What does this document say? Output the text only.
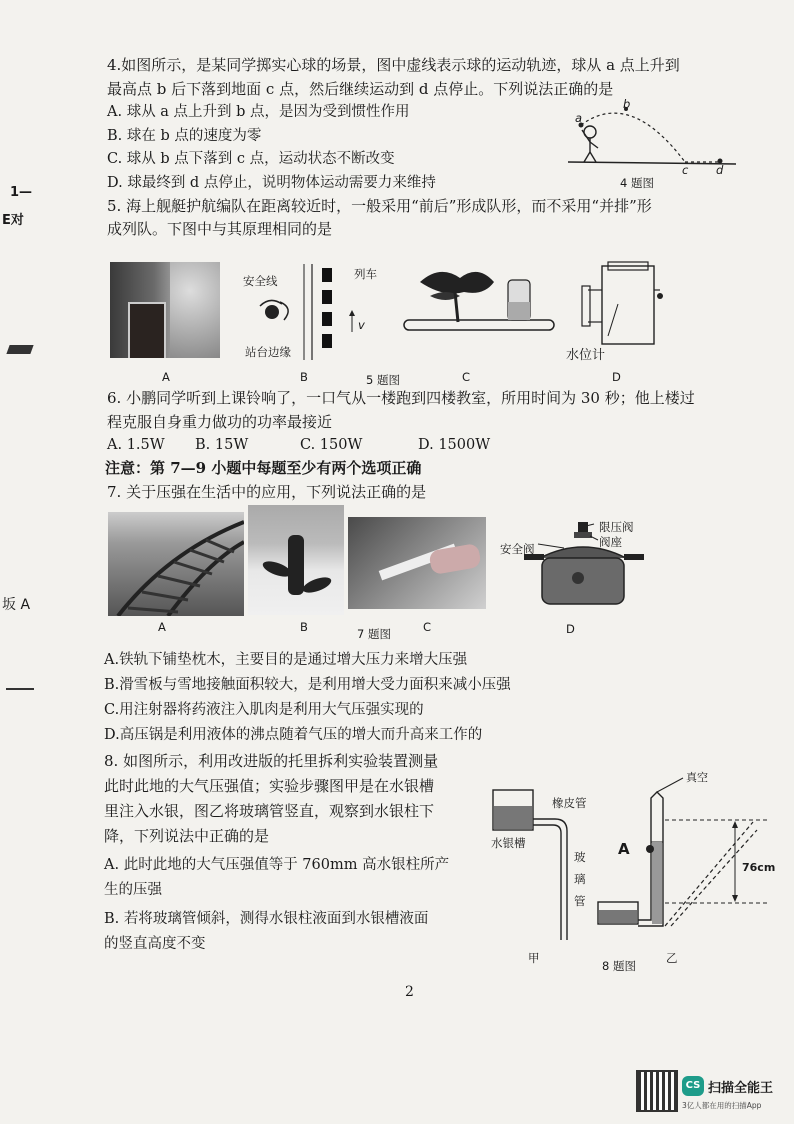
1—
E对
坂 A
4.如图所示，是某同学掷实心球的场景，图中虚线表示球的运动轨迹，球从 a 点上升到
最高点 b 后下落到地面 c 点，然后继续运动到 d 点停止。下列说法正确的是
A. 球从 a 点上升到 b 点，是因为受到惯性作用
B. 球在 b 点的速度为零
C. 球从 b 点下落到 c 点，运动状态不断改变
D. 球最终到 d 点停止，说明物体运动需要力来维持
a
b
c d
4 题图
5. 海上舰艇护航编队在距离较近时，一般采用“前后”形成队形，而不采用“并排”形
成列队。下图中与其原理相同的是
安全线	列车
v
站台边缘	水位计
A	B	5 题图	C	D
6. 小鹏同学听到上课铃响了，一口气从一楼跑到四楼教室，所用时间为 30 秒；他上楼过
程克服自身重力做功的功率最接近
A. 1.5W B. 15W	C. 150W	D. 1500W
注意：第 7—9 小题中每题至少有两个选项正确
7. 关于压强在生活中的应用，下列说法正确的是
限压阀
阀座
安全阀
A	B	C
7 题图	D
A.铁轨下铺垫枕木，主要目的是通过增大压力来增大压强
B.滑雪板与雪地接触面积较大，是利用增大受力面积来减小压强
C.用注射器将药液注入肌肉是利用大气压强实现的
D.高压锅是利用液体的沸点随着气压的增大而升高来工作的
8. 如图所示，利用改进版的托里拆利实验装置测量
此时此地的大气压强值；实验步骤图甲是在水银槽
里注入水银，图乙将玻璃管竖直，观察到水银柱下
降，下列说法中正确的是
A. 此时此地的大气压强值等于 760mm 高水银柱所产
生的压强
B. 若将玻璃管倾斜，测得水银柱液面到水银槽液面
的竖直高度不变
真空
橡皮管
水银槽
玻
璃
管
A
76cm
甲
8 题图
乙
2
CS 扫描全能王
3亿人都在用的扫描App
